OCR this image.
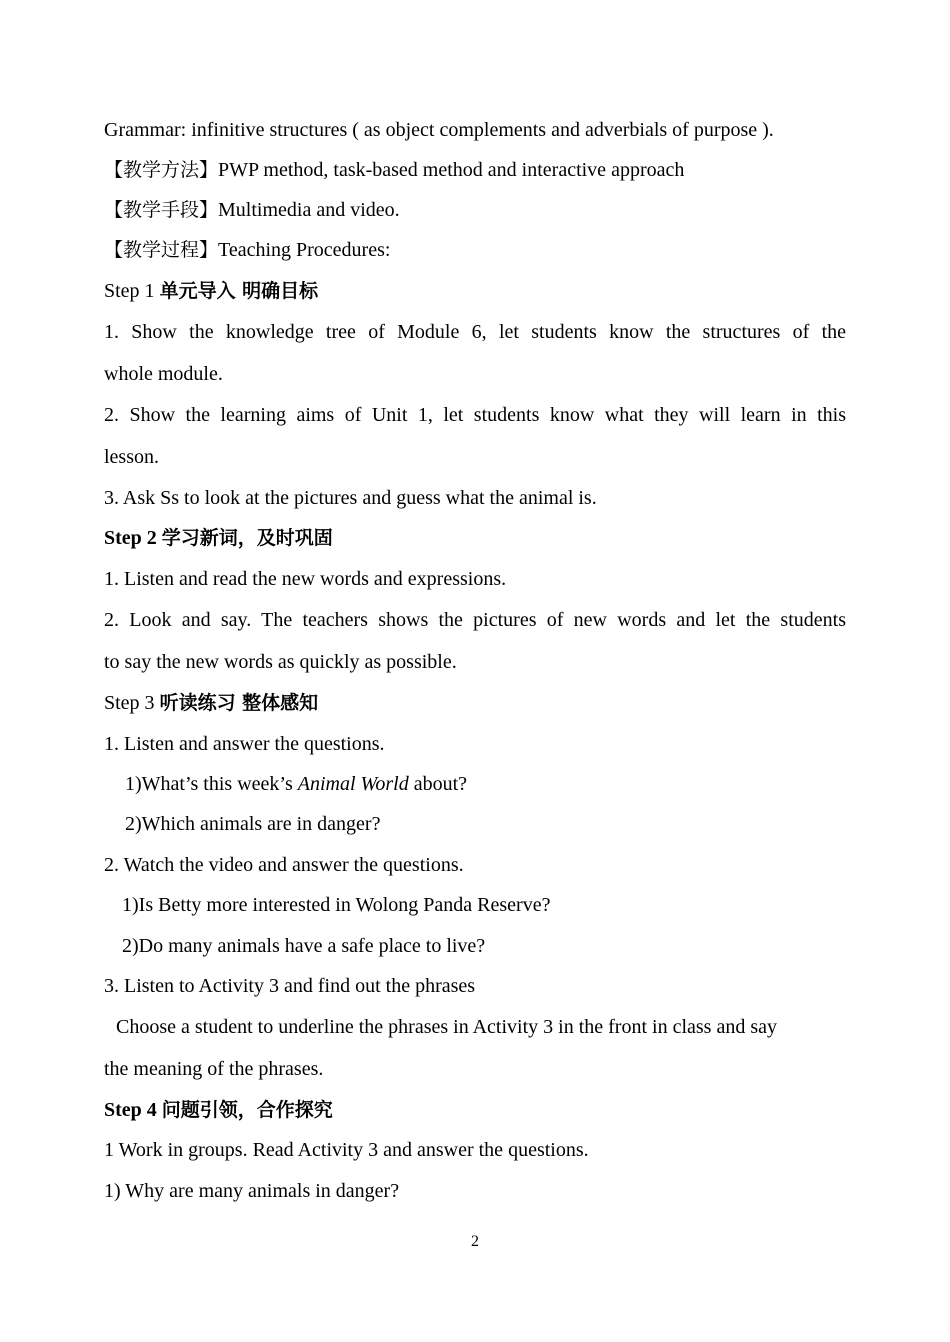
Grammar: infinitive structures ( as object complements and adverbials of purpose ).
【教学方法】PWP method, task-based method and interactive approach
【教学手段】Multimedia and video.
【教学过程】Teaching Procedures:
Step 1 单元导入 明确目标
1. Show the knowledge tree of Module 6, let students know the structures of the
whole module.
2. Show the learning aims of Unit 1, let students know what they will learn in this
lesson.
3. Ask Ss to look at the pictures and guess what the animal is.
Step 2 学习新词，及时巩固
1. Listen and read the new words and expressions.
2. Look and say. The teachers shows the pictures of new words and let the students
to say the new words as quickly as possible.
Step 3 听读练习 整体感知
1. Listen and answer the questions.
1)What’s this week’s Animal World about?
2)Which animals are in danger?
2. Watch the video and answer the questions.
1)Is Betty more interested in Wolong Panda Reserve?
2)Do many animals have a safe place to live?
3. Listen to Activity 3 and find out the phrases
Choose a student to underline the phrases in Activity 3 in the front in class and say
the meaning of the phrases.
Step 4 问题引领，合作探究
1 Work in groups. Read Activity 3 and answer the questions.
1) Why are many animals in danger?
2
